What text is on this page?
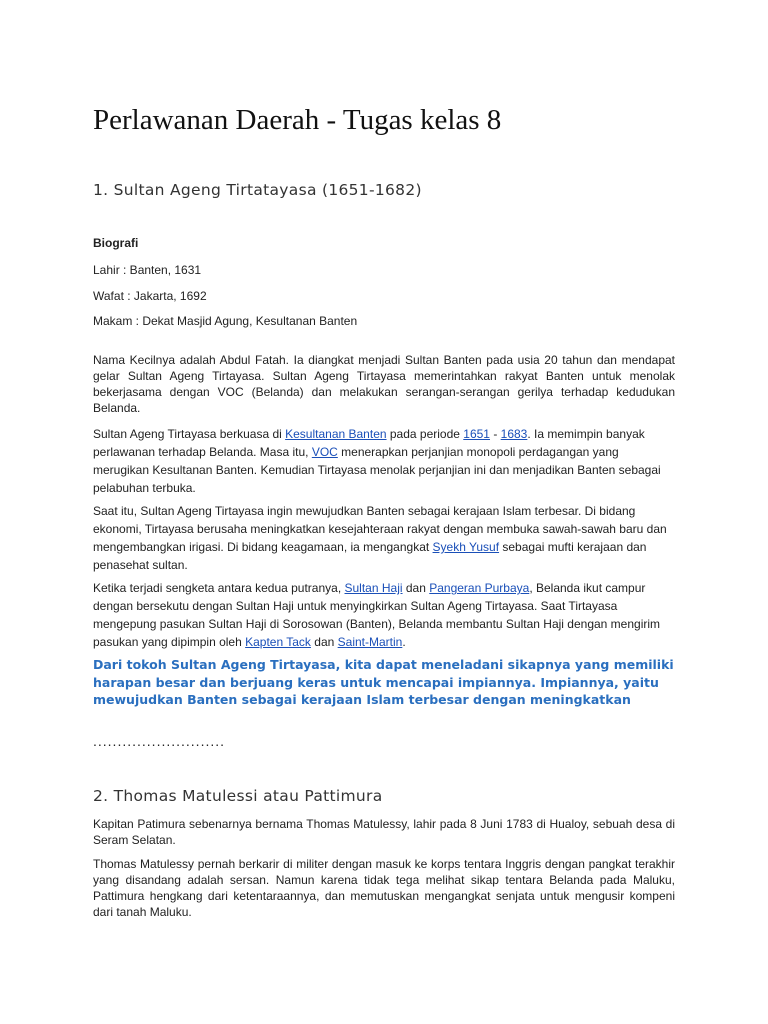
Perlawanan Daerah - Tugas kelas 8
1. Sultan Ageng Tirtatayasa (1651-1682)

Biografi

Lahir : Banten, 1631

Wafat : Jakarta, 1692

Makam : Dekat Masjid Agung, Kesultanan Banten

Nama Kecilnya adalah Abdul Fatah. Ia diangkat menjadi Sultan Banten pada usia 20 tahun dan mendapat gelar Sultan Ageng Tirtayasa. Sultan Ageng Tirtayasa memerintahkan rakyat Banten untuk menolak bekerjasama dengan VOC (Belanda) dan melakukan serangan-serangan gerilya terhadap kedudukan Belanda.

Sultan Ageng Tirtayasa berkuasa di Kesultanan Banten pada periode 1651 - 1683. Ia memimpin banyak perlawanan terhadap Belanda. Masa itu, VOC menerapkan perjanjian monopoli perdagangan yang merugikan Kesultanan Banten. Kemudian Tirtayasa menolak perjanjian ini dan menjadikan Banten sebagai pelabuhan terbuka.

Saat itu, Sultan Ageng Tirtayasa ingin mewujudkan Banten sebagai kerajaan Islam terbesar. Di bidang ekonomi, Tirtayasa berusaha meningkatkan kesejahteraan rakyat dengan membuka sawah-sawah baru dan mengembangkan irigasi. Di bidang keagamaan, ia mengangkat Syekh Yusuf sebagai mufti kerajaan dan penasehat sultan.

Ketika terjadi sengketa antara kedua putranya, Sultan Haji dan Pangeran Purbaya, Belanda ikut campur dengan bersekutu dengan Sultan Haji untuk menyingkirkan Sultan Ageng Tirtayasa. Saat Tirtayasa mengepung pasukan Sultan Haji di Sorosowan (Banten), Belanda membantu Sultan Haji dengan mengirim pasukan yang dipimpin oleh Kapten Tack dan Saint-Martin.

Dari tokoh Sultan Ageng Tirtayasa, kita dapat meneladani sikapnya yang memiliki harapan besar dan berjuang keras untuk mencapai impiannya. Impiannya, yaitu mewujudkan Banten sebagai kerajaan Islam terbesar dengan meningkatkan

...........................

2. Thomas Matulessi atau Pattimura

Kapitan Patimura sebenarnya bernama Thomas Matulessy, lahir pada 8 Juni 1783 di Hualoy, sebuah desa di Seram Selatan.

Thomas Matulessy pernah berkarir di militer dengan masuk ke korps tentara Inggris dengan pangkat terakhir yang disandang adalah sersan. Namun karena tidak tega melihat sikap tentara Belanda pada Maluku, Pattimura hengkang dari ketentaraannya, dan memutuskan mengangkat senjata untuk mengusir kompeni dari tanah Maluku.
